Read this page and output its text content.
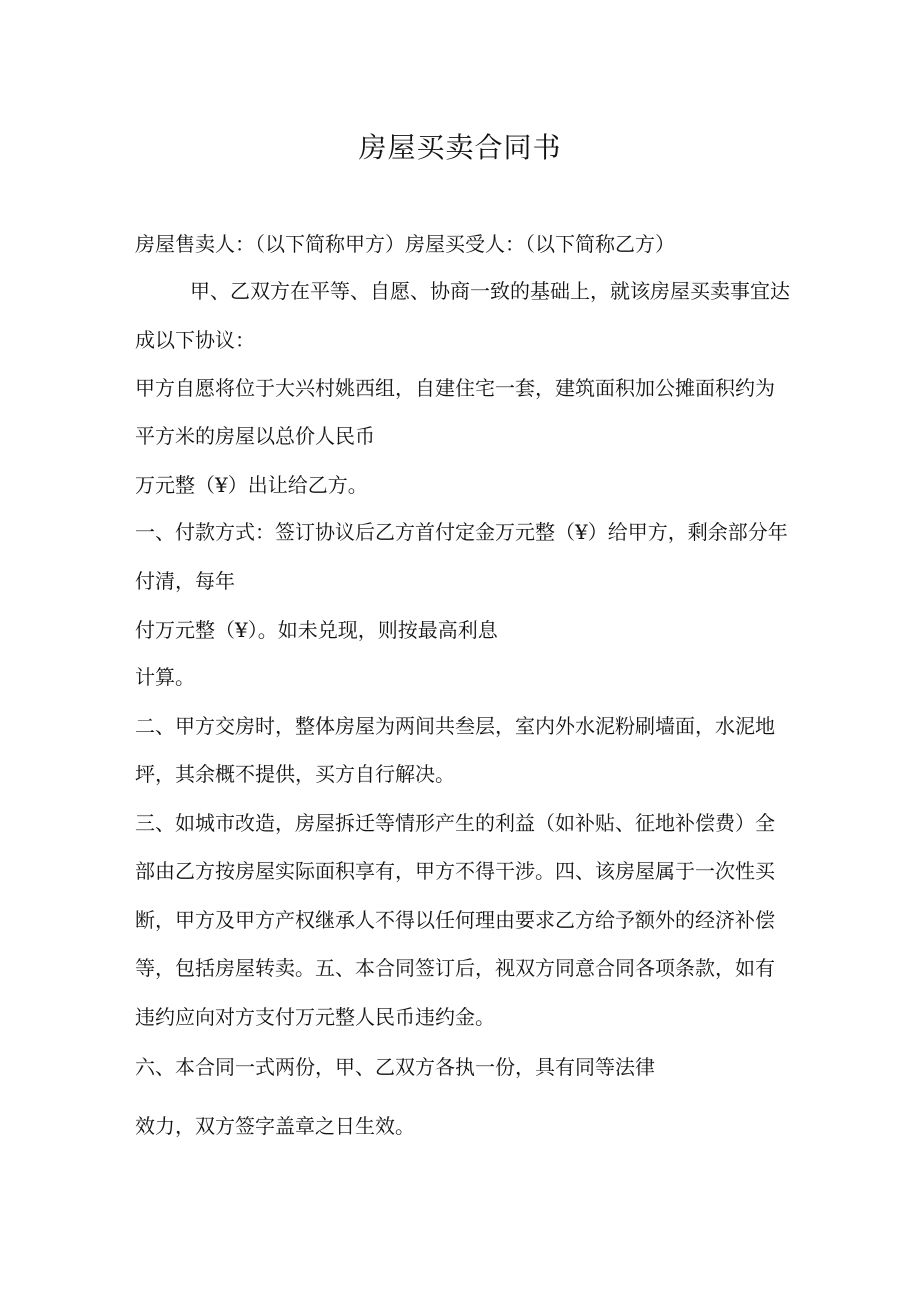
房屋买卖合同书
房屋售卖人：（以下简称甲方）房屋买受人：（以下简称乙方）
甲、乙双方在平等、自愿、协商一致的基础上，就该房屋买卖事宜达
成以下协议：
甲方自愿将位于大兴村姚西组，自建住宅一套，建筑面积加公摊面积约为
平方米的房屋以总价人民币
万元整（¥）出让给乙方。
一、付款方式：签订协议后乙方首付定金万元整（¥）给甲方，剩余部分年
付清，每年
付万元整（¥）。如未兑现，则按最高利息
计算。
二、甲方交房时，整体房屋为两间共叁层，室内外水泥粉刷墙面，水泥地
坪，其余概不提供，买方自行解决。
三、如城市改造，房屋拆迁等情形产生的利益（如补贴、征地补偿费）全
部由乙方按房屋实际面积享有，甲方不得干涉。四、该房屋属于一次性买
断，甲方及甲方产权继承人不得以任何理由要求乙方给予额外的经济补偿
等，包括房屋转卖。五、本合同签订后，视双方同意合同各项条款，如有
违约应向对方支付万元整人民币违约金。
六、本合同一式两份，甲、乙双方各执一份，具有同等法律
效力，双方签字盖章之日生效。
